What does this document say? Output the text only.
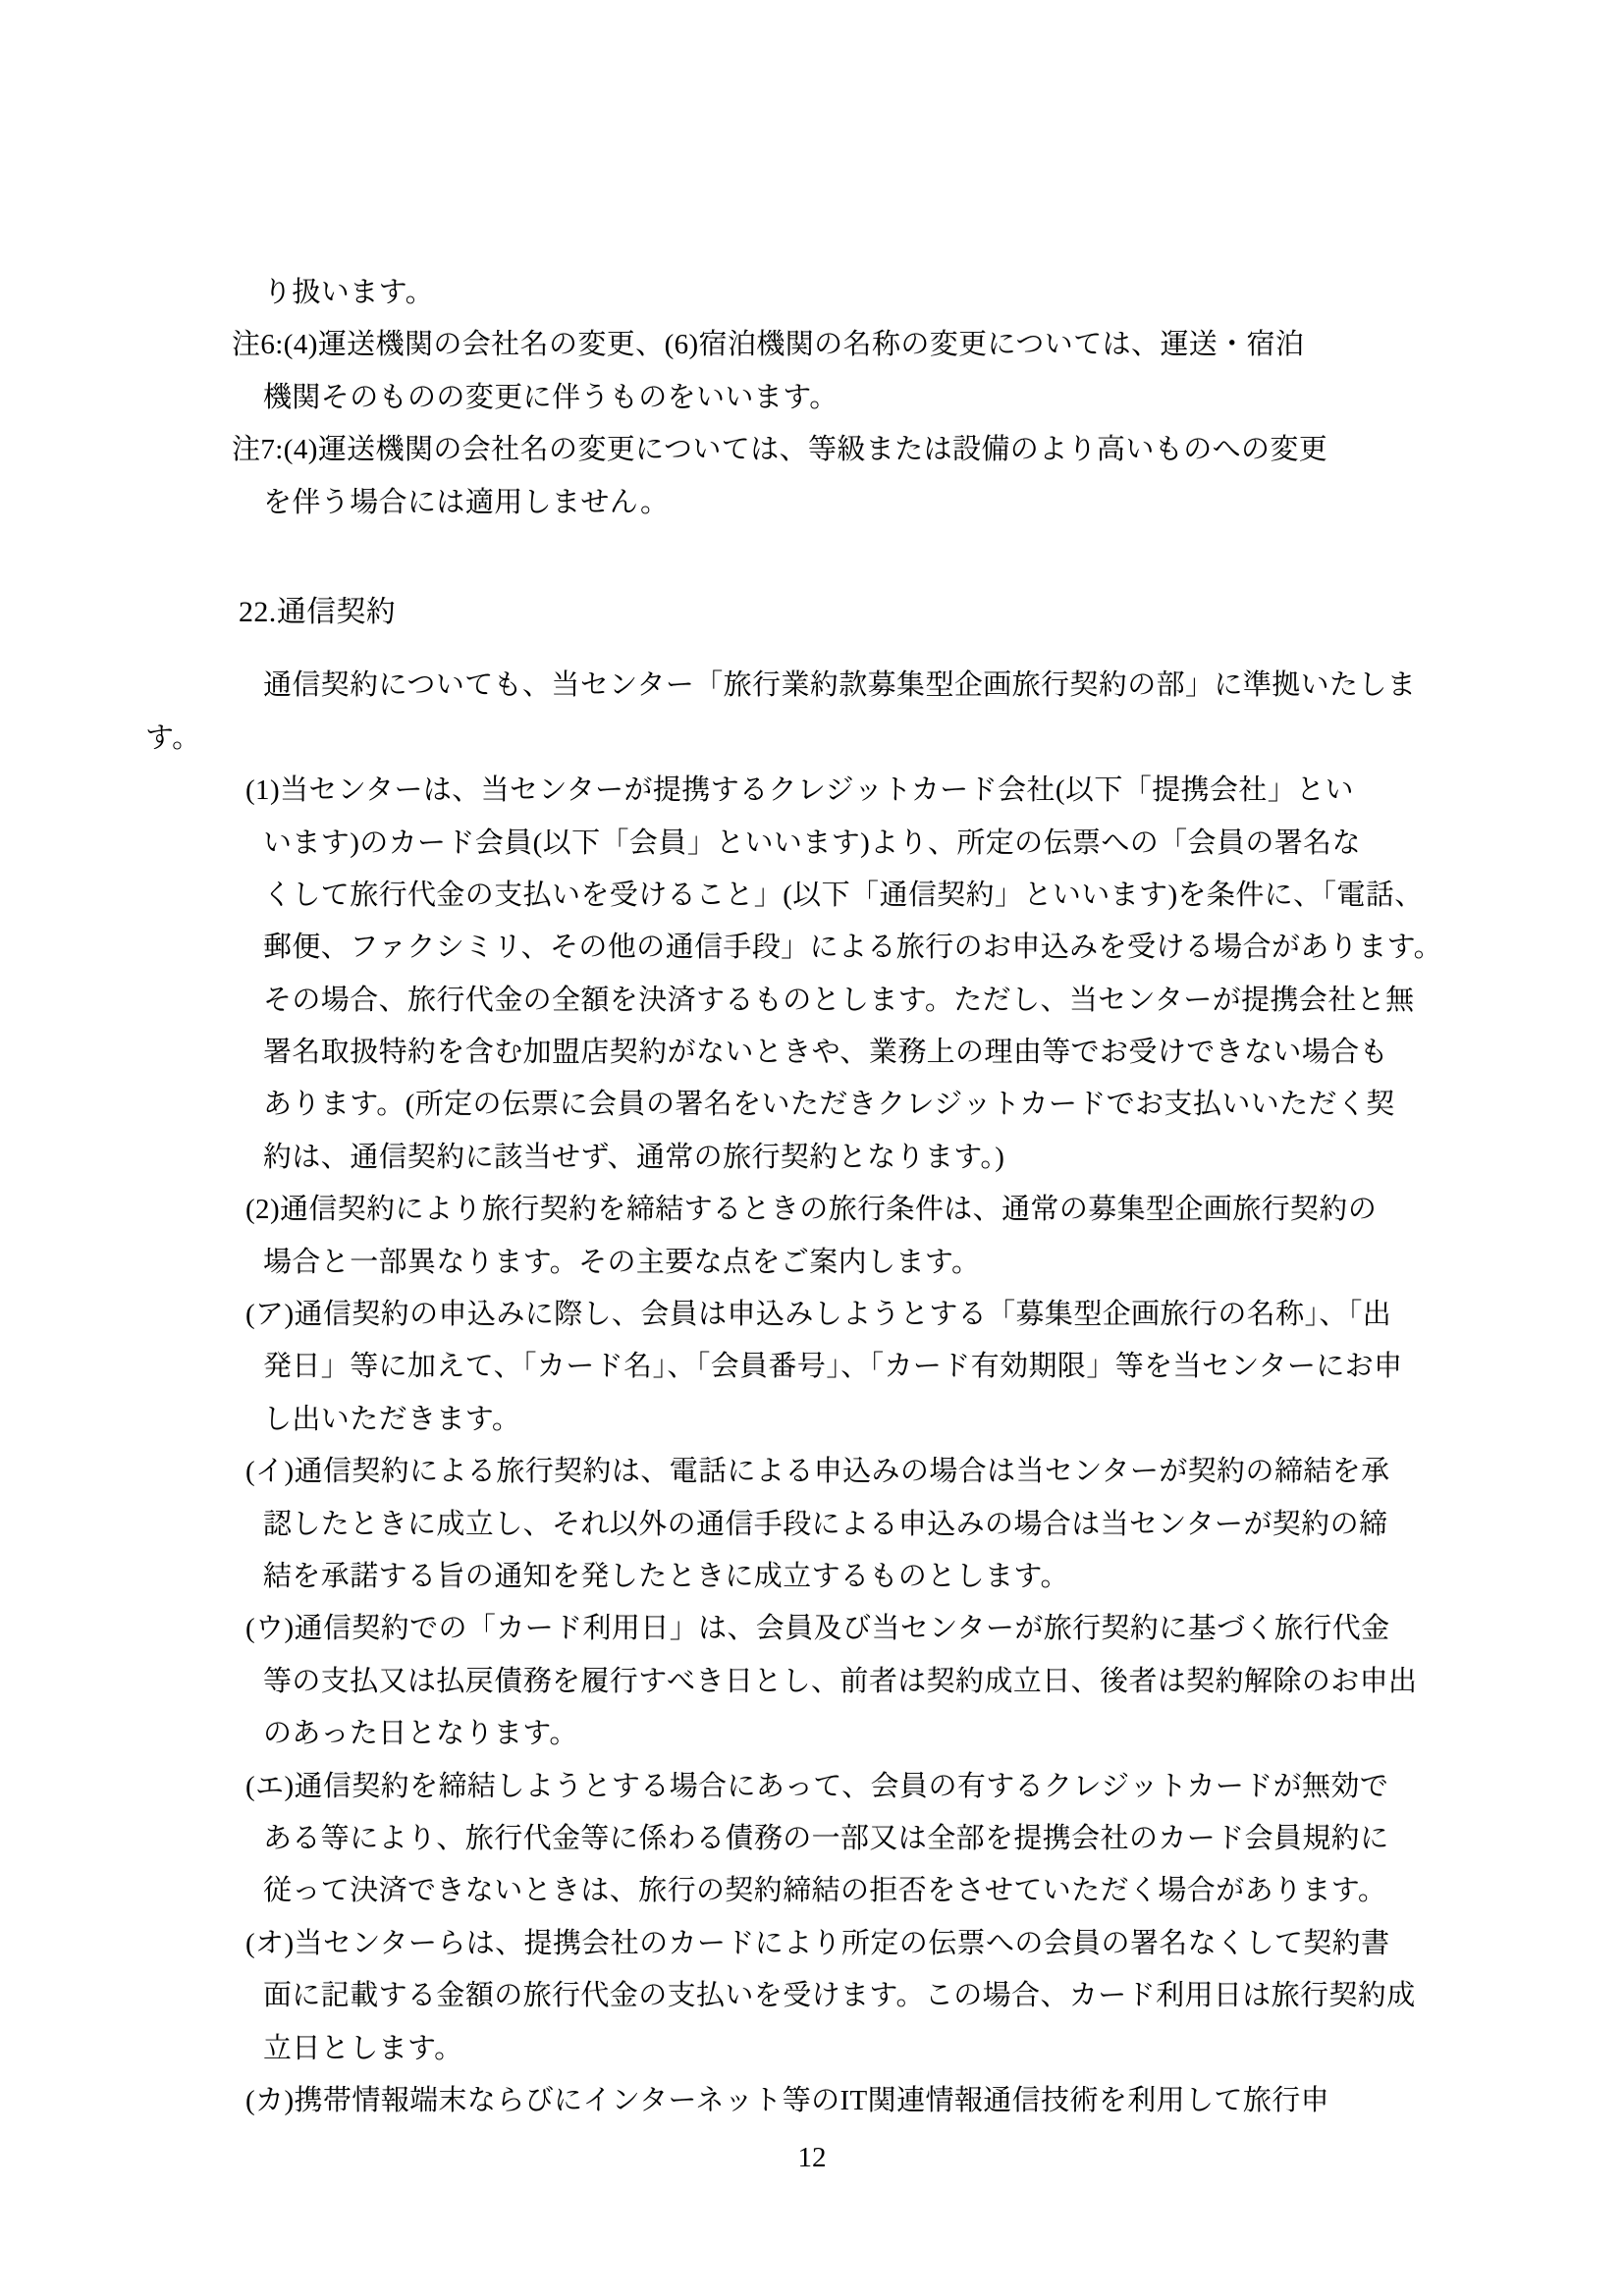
り扱います。
注6:(4)運送機関の会社名の変更、(6)宿泊機関の名称の変更については、運送・宿泊
機関そのものの変更に伴うものをいいます。
注7:(4)運送機関の会社名の変更については、等級または設備のより高いものへの変更
を伴う場合には適用しません。
22.通信契約
通信契約についても、当センター「旅行業約款募集型企画旅行契約の部」に準拠いたしま
す。
(1)当センターは、当センターが提携するクレジットカード会社(以下「提携会社」とい
います)のカード会員(以下「会員」といいます)より、所定の伝票への「会員の署名な
くして旅行代金の支払いを受けること」(以下「通信契約」といいます)を条件に、「電話、
郵便、ファクシミリ、その他の通信手段」による旅行のお申込みを受ける場合があります。
その場合、旅行代金の全額を決済するものとします。ただし、当センターが提携会社と無
署名取扱特約を含む加盟店契約がないときや、業務上の理由等でお受けできない場合も
あります。(所定の伝票に会員の署名をいただきクレジットカードでお支払いいただく契
約は、通信契約に該当せず、通常の旅行契約となります。)
(2)通信契約により旅行契約を締結するときの旅行条件は、通常の募集型企画旅行契約の
場合と一部異なります。その主要な点をご案内します。
(ア)通信契約の申込みに際し、会員は申込みしようとする「募集型企画旅行の名称」、「出
発日」等に加えて、「カード名」、「会員番号」、「カード有効期限」等を当センターにお申
し出いただきます。
(イ)通信契約による旅行契約は、電話による申込みの場合は当センターが契約の締結を承
認したときに成立し、それ以外の通信手段による申込みの場合は当センターが契約の締
結を承諾する旨の通知を発したときに成立するものとします。
(ウ)通信契約での「カード利用日」は、会員及び当センターが旅行契約に基づく旅行代金
等の支払又は払戻債務を履行すべき日とし、前者は契約成立日、後者は契約解除のお申出
のあった日となります。
(エ)通信契約を締結しようとする場合にあって、会員の有するクレジットカードが無効で
ある等により、旅行代金等に係わる債務の一部又は全部を提携会社のカード会員規約に
従って決済できないときは、旅行の契約締結の拒否をさせていただく場合があります。
(オ)当センターらは、提携会社のカードにより所定の伝票への会員の署名なくして契約書
面に記載する金額の旅行代金の支払いを受けます。この場合、カード利用日は旅行契約成
立日とします。
(カ)携帯情報端末ならびにインターネット等のIT関連情報通信技術を利用して旅行申
12
